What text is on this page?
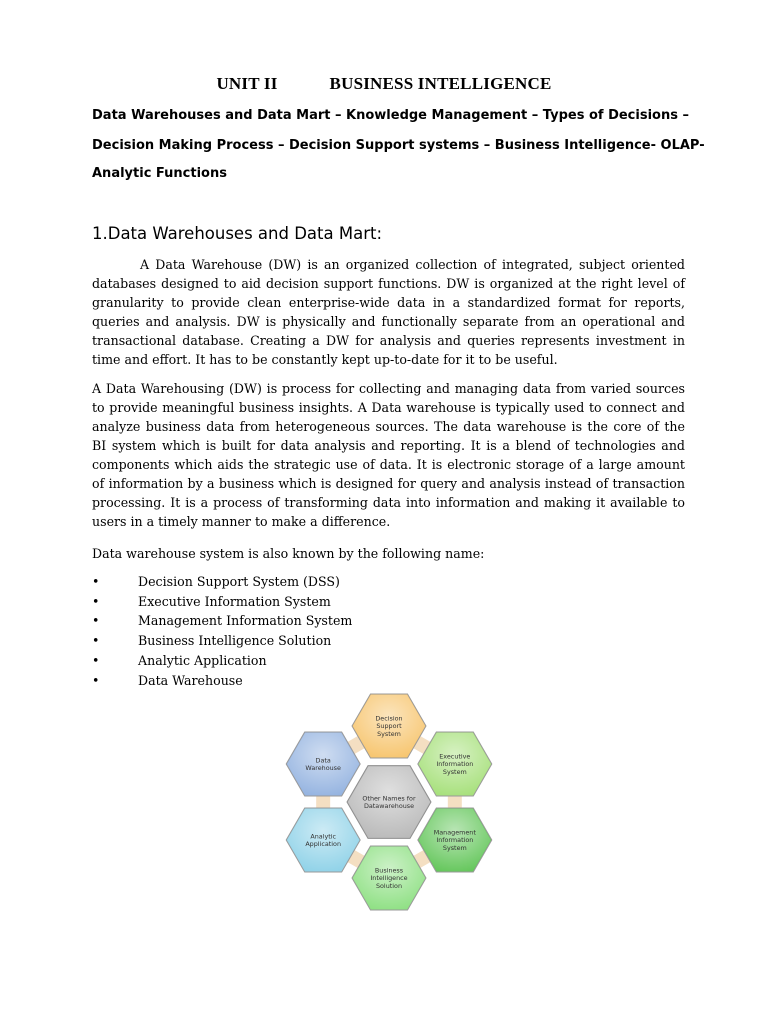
UNIT II	BUSINESS INTELLIGENCE
Data Warehouses and Data Mart – Knowledge Management – Types of Decisions –
Decision Making Process – Decision Support systems – Business Intelligence- OLAP-
Analytic Functions
1.Data Warehouses and Data Mart:
A Data Warehouse (DW) is an organized collection of integrated, subject oriented databases designed to aid decision support functions. DW is organized at the right level of granularity to provide clean enterprise-wide data in a standardized format for reports, queries and analysis. DW is physically and functionally separate from an operational and transactional database. Creating a DW for analysis and queries represents investment in time and effort. It has to be constantly kept up-to-date for it to be useful.
A Data Warehousing (DW) is process for collecting and managing data from varied sources to provide meaningful business insights. A Data warehouse is typically used to connect and analyze business data from heterogeneous sources. The data warehouse is the core of the BI system which is built for data analysis and reporting. It is a blend of technologies and components which aids the strategic use of data. It is electronic storage of a large amount of information by a business which is designed for query and analysis instead of transaction processing. It is a process of transforming data into information and making it available to users in a timely manner to make a difference.
Data warehouse system is also known by the following name:
•	Decision Support System (DSS)
•	Executive Information System
•	Management Information System
•	Business Intelligence Solution
•	Analytic Application
•	Data Warehouse
Other Names for
Datawarehouse
Decision
Support
System
Executive
Information
System
Management
Information
System
Business
Intelligence
Solution
Analytic
Application
Data
Warehouse
